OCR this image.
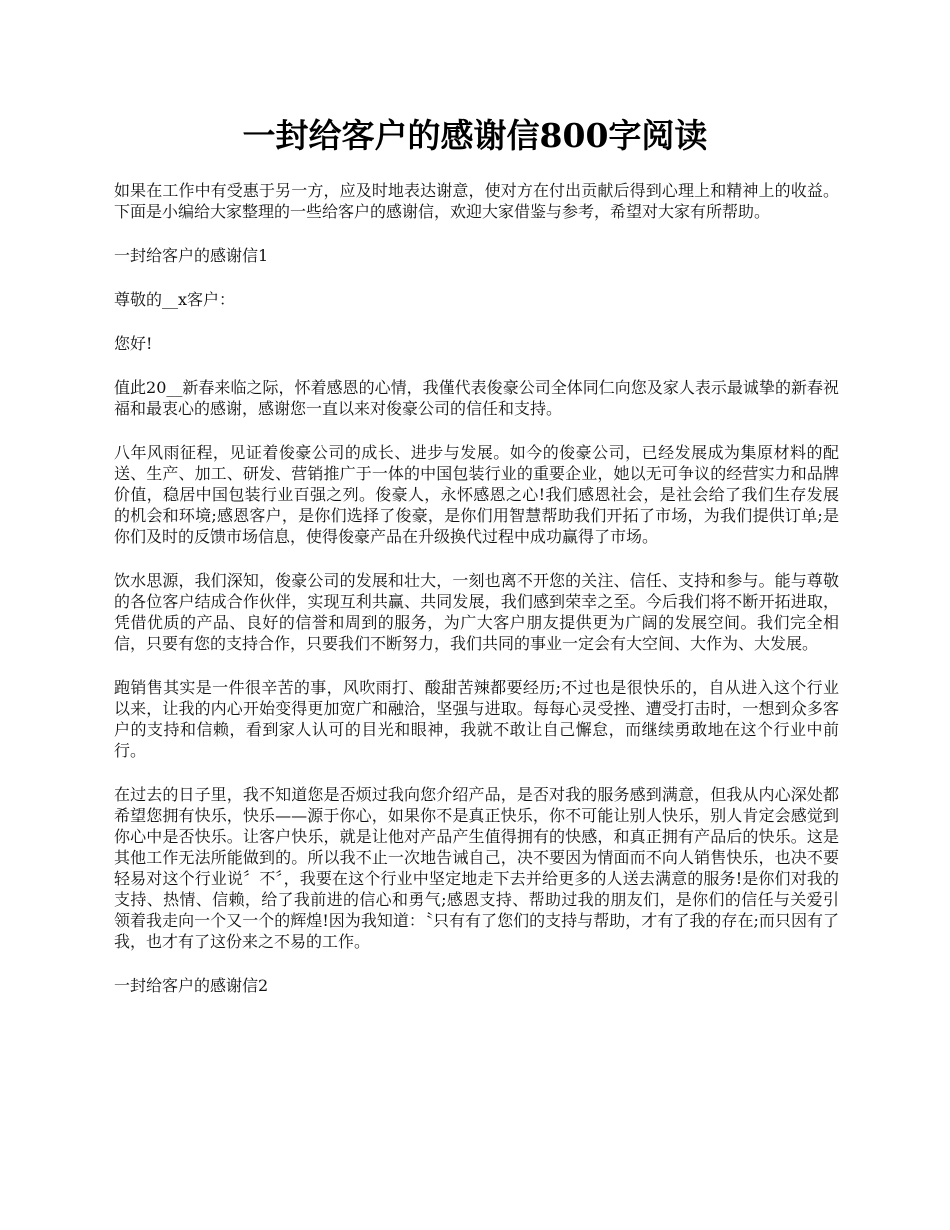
一封给客户的感谢信800字阅读

如果在工作中有受惠于另一方，应及时地表达谢意，使对方在付出贡献后得到心理上和精神上的收益。下面是小编给大家整理的一些给客户的感谢信，欢迎大家借鉴与参考，希望对大家有所帮助。

一封给客户的感谢信1

尊敬的__x客户：

您好!

值此20__新春来临之际，怀着感恩的心情，我僅代表俊豪公司全体同仁向您及家人表示最诚挚的新春祝福和最衷心的感谢，感谢您一直以来对俊豪公司的信任和支持。

八年风雨征程，见证着俊豪公司的成长、进步与发展。如今的俊豪公司，已经发展成为集原材料的配送、生产、加工、研发、营销推广于一体的中国包装行业的重要企业，她以无可争议的经营实力和品牌价值，稳居中国包装行业百强之列。俊豪人，永怀感恩之心!我们感恩社会，是社会给了我们生存发展的机会和环境;感恩客户，是你们选择了俊豪，是你们用智慧帮助我们开拓了市场，为我们提供订单;是你们及时的反馈市场信息，使得俊豪产品在升级换代过程中成功赢得了市场。

饮水思源，我们深知，俊豪公司的发展和壮大，一刻也离不开您的关注、信任、支持和参与。能与尊敬的各位客户结成合作伙伴，实现互利共赢、共同发展，我们感到荣幸之至。今后我们将不断开拓进取，凭借优质的产品、良好的信誉和周到的服务，为广大客户朋友提供更为广阔的发展空间。我们完全相信，只要有您的支持合作，只要我们不断努力，我们共同的事业一定会有大空间、大作为、大发展。

跑销售其实是一件很辛苦的事，风吹雨打、酸甜苦辣都要经历;不过也是很快乐的，自从进入这个行业以来，让我的内心开始变得更加宽广和融洽，坚强与进取。每每心灵受挫、遭受打击时，一想到众多客户的支持和信赖，看到家人认可的目光和眼神，我就不敢让自己懈怠，而继续勇敢地在这个行业中前行。

在过去的日子里，我不知道您是否烦过我向您介绍产品，是否对我的服务感到满意，但我从内心深处都希望您拥有快乐，快乐——源于你心，如果你不是真正快乐，你不可能让别人快乐，别人肯定会感觉到你心中是否快乐。让客户快乐，就是让他对产品产生值得拥有的快感，和真正拥有产品后的快乐。这是其他工作无法所能做到的。所以我不止一次地告诫自己，决不要因为情面而不向人销售快乐，也决不要轻易对这个行业说〞不〞，我要在这个行业中坚定地走下去并给更多的人送去满意的服务!是你们对我的支持、热情、信赖，给了我前进的信心和勇气;感恩支持、帮助过我的朋友们，是你们的信任与关爱引领着我走向一个又一个的辉煌!因为我知道：〝只有有了您们的支持与帮助，才有了我的存在;而只因有了我，也才有了这份来之不易的工作。

一封给客户的感谢信2
